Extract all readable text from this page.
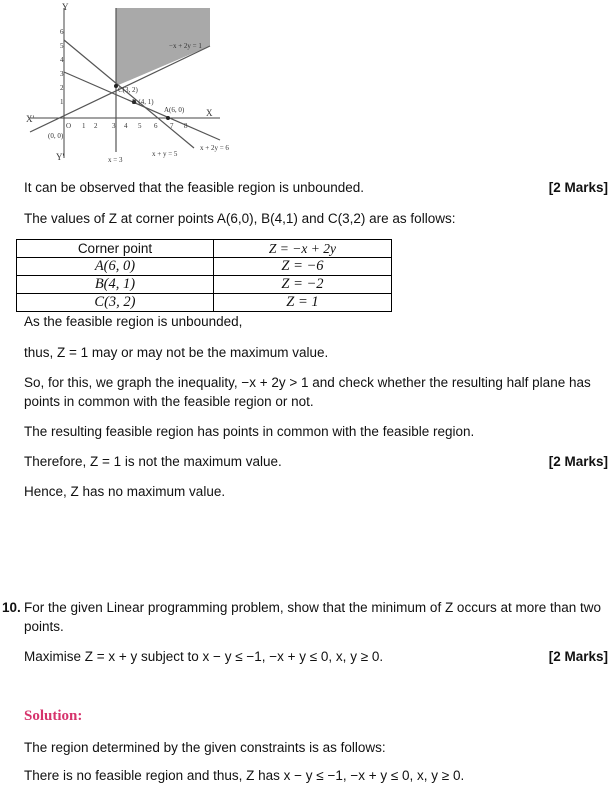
1 2 3 4 5 6 7 8
1
2
3
4
5
6
O
(0, 0)
C(3, 2)
B (4, 1)
A(6, 0)
−x + 2y = 1
x + 2y = 6
x + y = 5
x = 3
X
X'
Y
Y'
It can be observed that the feasible region is unbounded.	[2 Marks]
The values of Z at corner points A(6,0), B(4,1) and C(3,2) are as follows:
Corner point	Z = −x + 2y
A(6, 0)	Z = −6
B(4, 1)	Z = −2
C(3, 2)	Z = 1
As the feasible region is unbounded,
thus, Z = 1 may or may not be the maximum value.
So, for this, we graph the inequality, −x + 2y > 1 and check whether the resulting half plane has
points in common with the feasible region or not.
The resulting feasible region has points in common with the feasible region.
Therefore, Z = 1 is not the maximum value.	[2 Marks]
Hence, Z has no maximum value.
10. For the given Linear programming problem, show that the minimum of Z occurs at more than two
points.
Maximise Z = x + y subject to x − y ≤ −1, −x + y ≤ 0, x, y ≥ 0.	[2 Marks]
Solution:
The region determined by the given constraints is as follows:
There is no feasible region and thus, Z has x − y ≤ −1, −x + y ≤ 0, x, y ≥ 0.
